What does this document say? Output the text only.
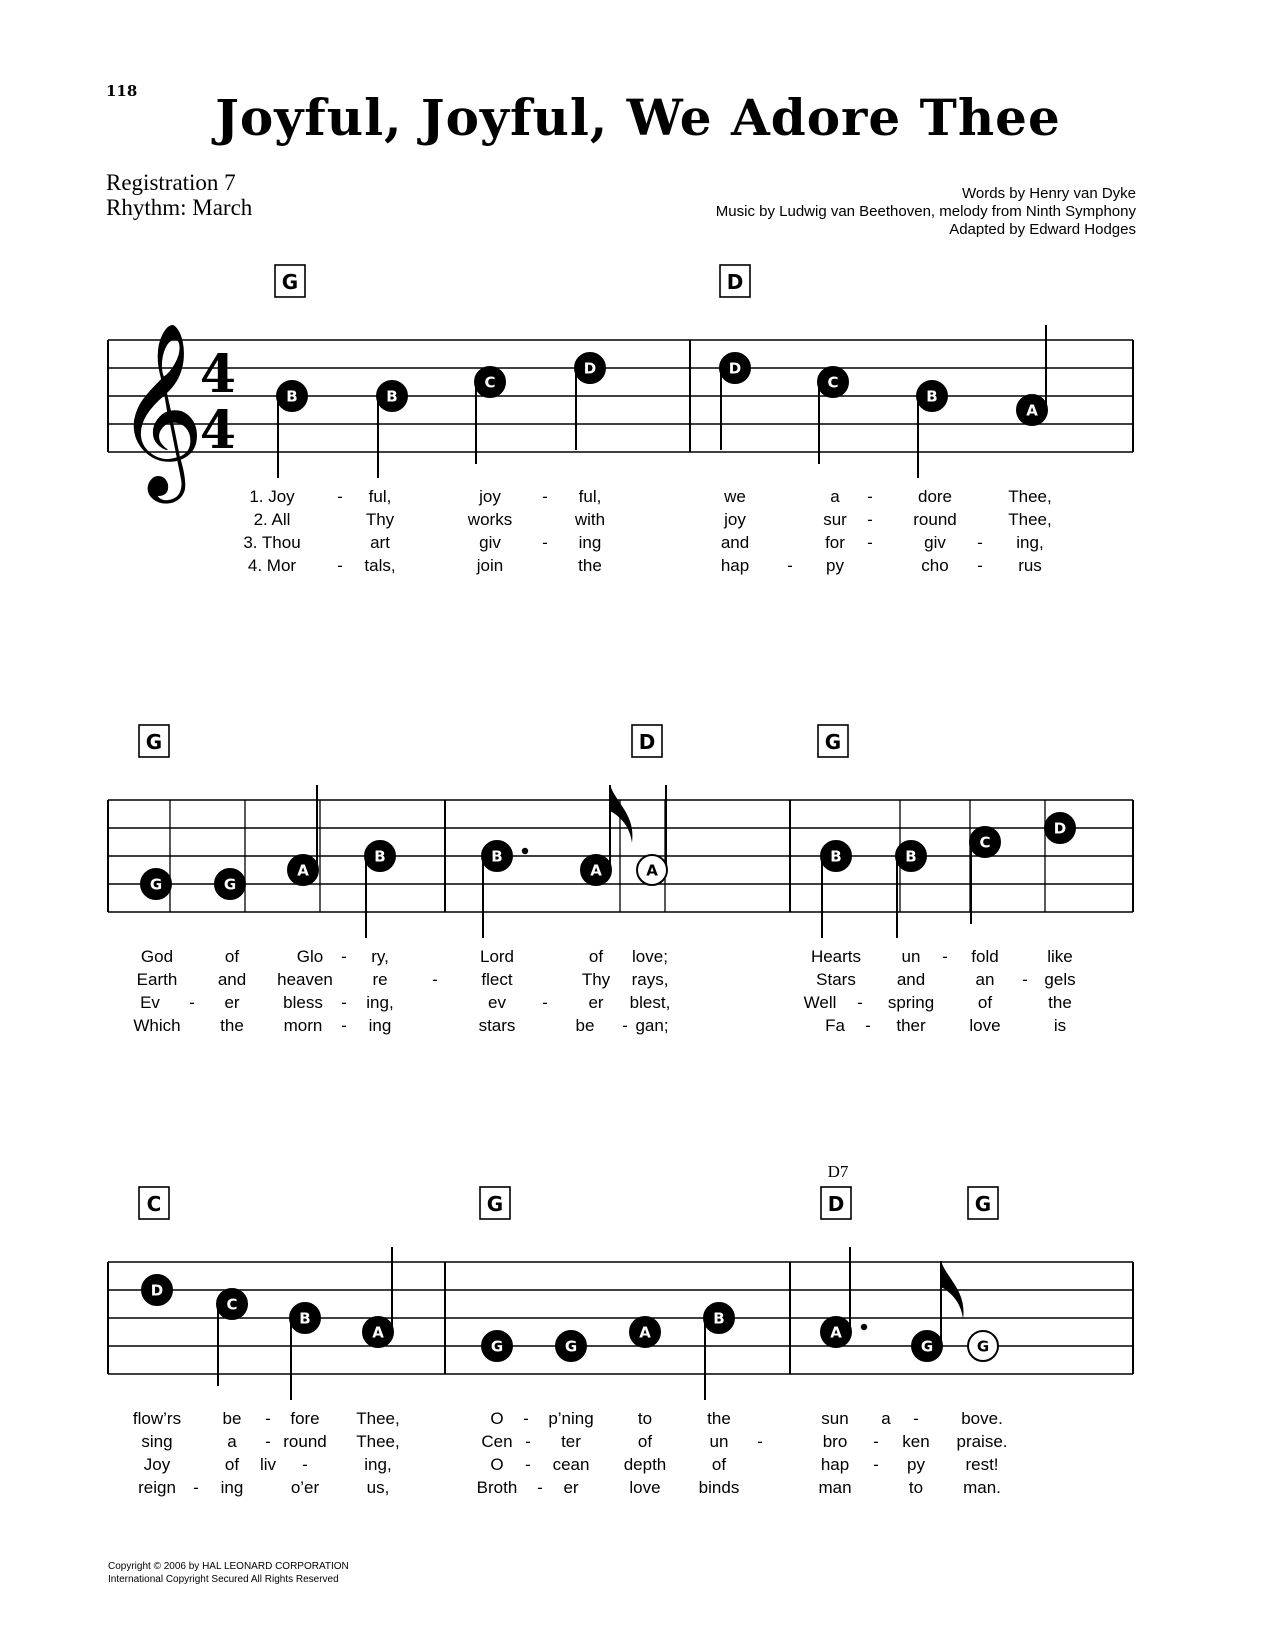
118	Joyful, Joyful, We Adore Thee
Registration 7
Rhythm: March
Words by Henry van Dyke
Music by Ludwig van Beethoven, melody from Ninth Symphony
Adapted by Edward Hodges
𝄞
4
4
G	D
B	B
C
D	D
C
B
A
1. Joy - ful,	joy - ful,	we	a -	dore	Thee,
2. All	Thy	works	with	joy	sur - round	Thee,
3. Thou	art	giv - ing	and	for -	giv - ing,
4. Mor - tals,	join	the	hap - py	cho - rus
G	D	G
G	G
A
B	B
A	A
B	B
C
D
God	of	Glo - ry,	Lord	of love;	Hearts un - fold	like
Earth and heaven re	-	flect	Thy rays,	Stars and	an - gels
Ev - er	bless - ing,	ev - er blest,	Well - spring	of	the
Which the morn - ing	stars	be - gan;	Fa - ther	love	is
C	G	D	G
D7
D
C
B
A
G	G
A
B
A
G	G
flow’rs be - fore Thee,	O - p’ning	to	the	sun a - bove.
sing	a - round Thee,	Cen - ter	of	un -	bro - ken praise.
Joy	of liv -	ing,	O - cean depth	of	hap - py rest!
reign - ing	o’er	us,	Broth - er	love binds	man	to man.
Copyright © 2006 by HAL LEONARD CORPORATION
International Copyright Secured All Rights Reserved
